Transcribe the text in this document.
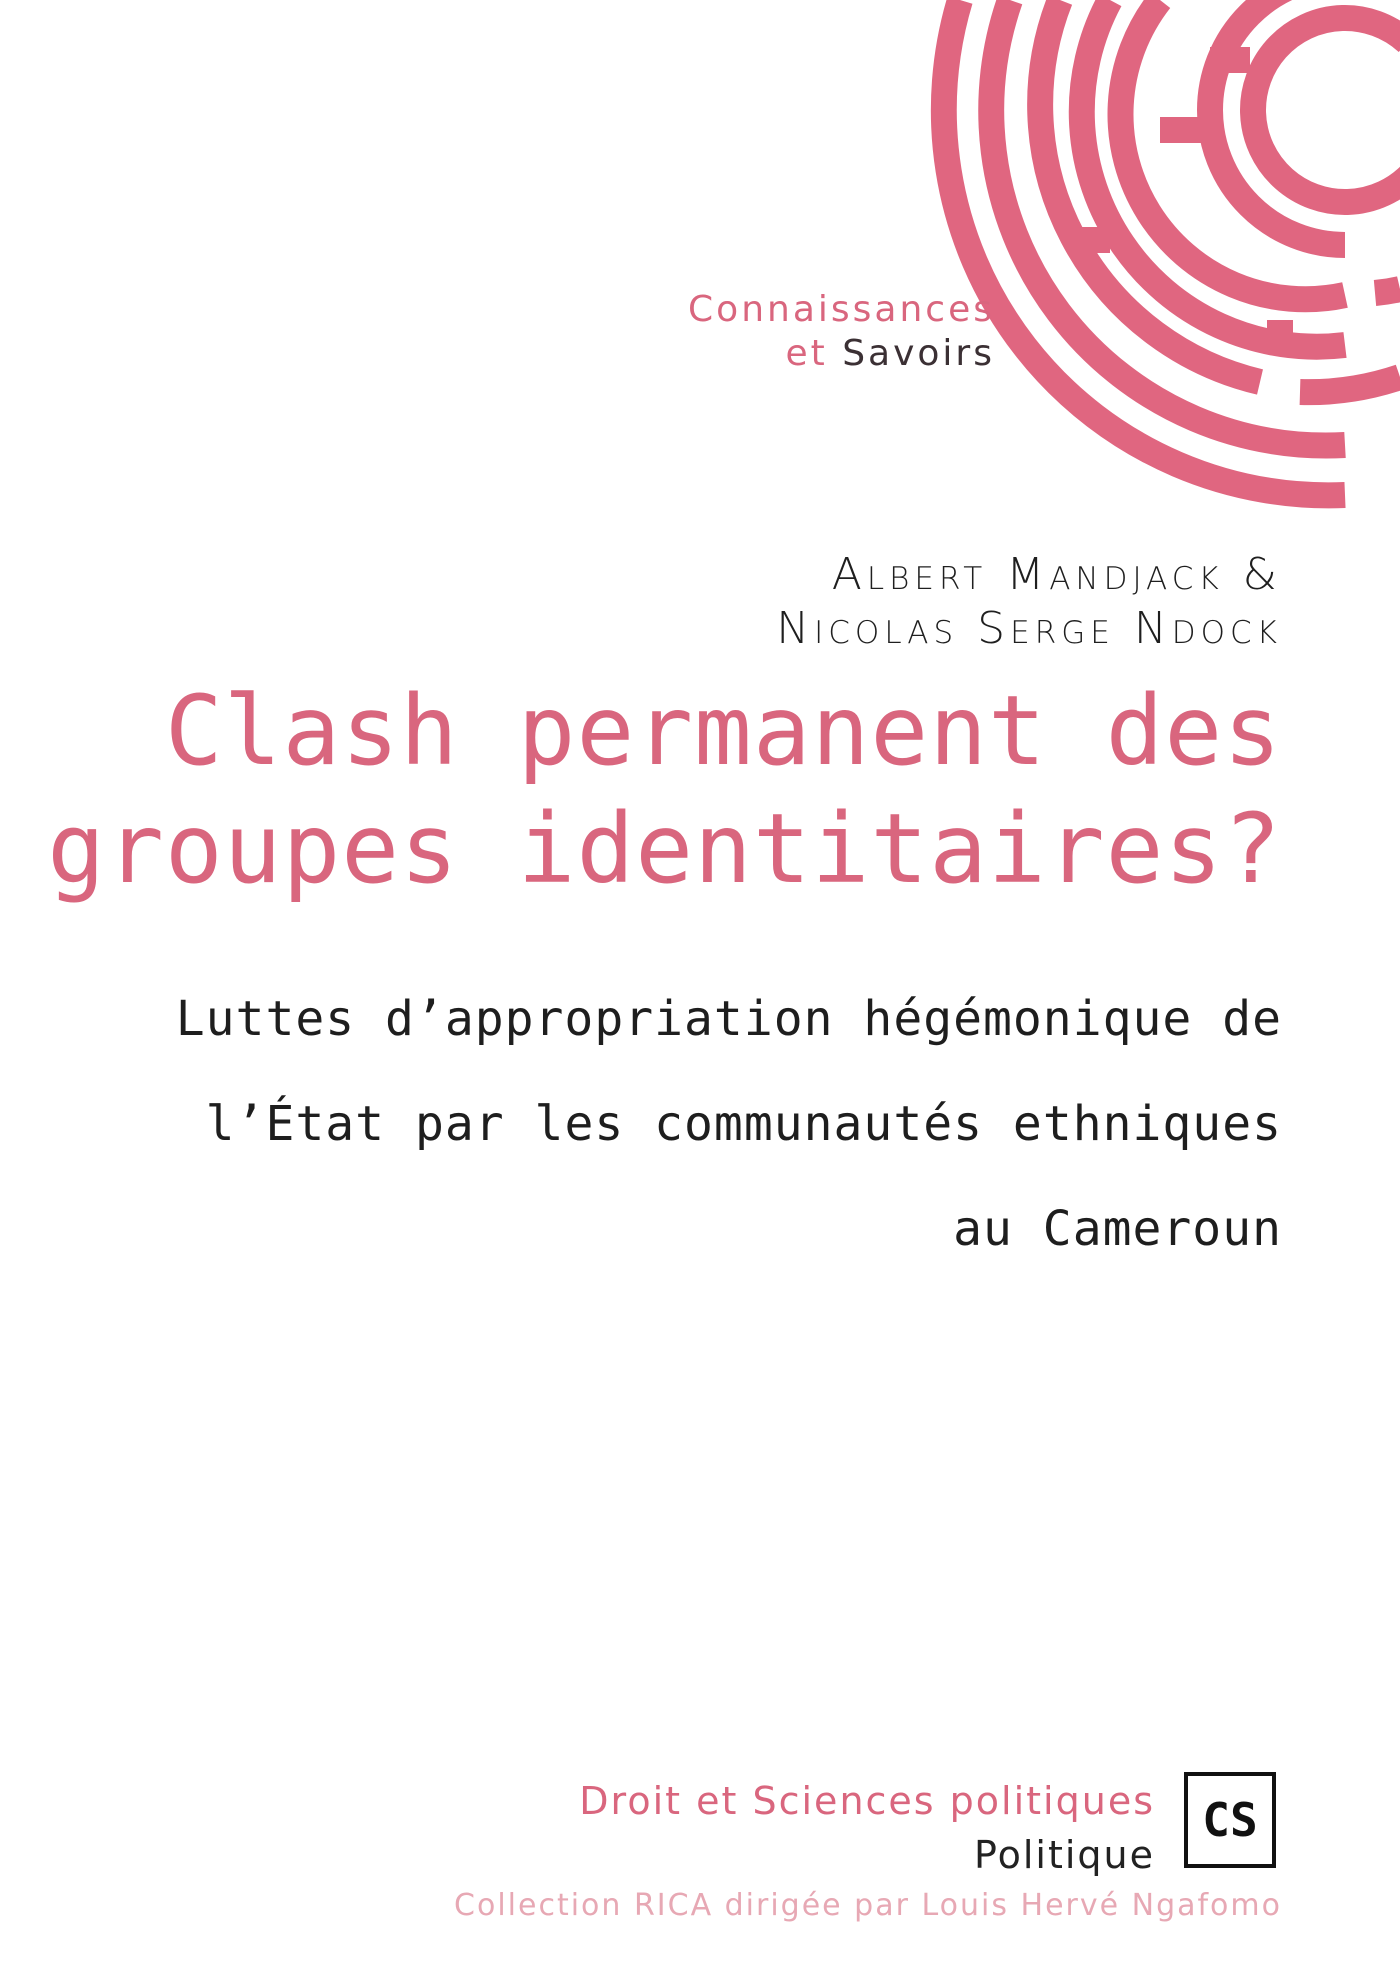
Connaissances
et Savoirs
Albert Mandjack &
Nicolas Serge Ndock
Clash permanent des
groupes identitaires?
Luttes d’appropriation hégémonique de
l’État par les communautés ethniques
au Cameroun
Droit et Sciences politiques
Politique
CS
Collection RICA dirigée par Louis Hervé Ngafomo
